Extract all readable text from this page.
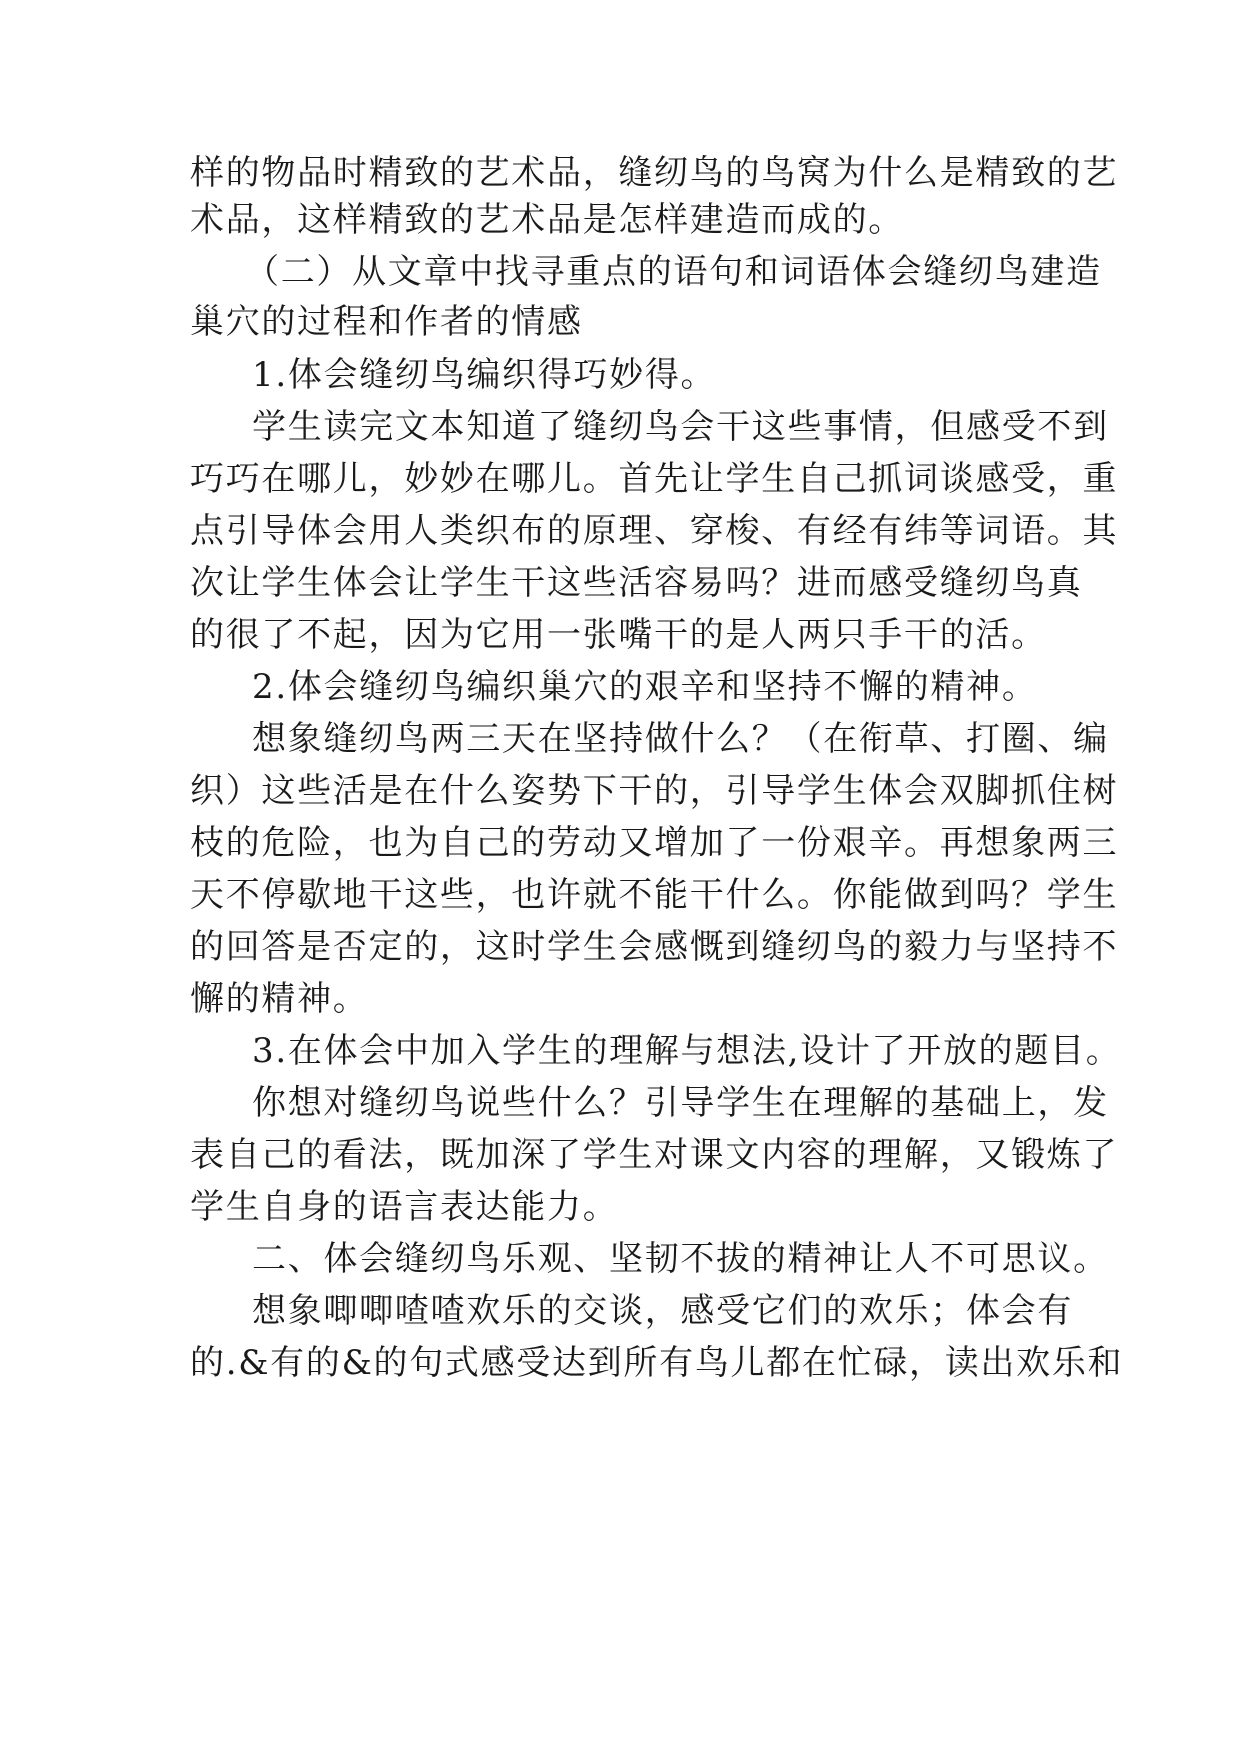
样的物品时精致的艺术品，缝纫鸟的鸟窝为什么是精致的艺
术品，这样精致的艺术品是怎样建造而成的。
（二）从文章中找寻重点的语句和词语体会缝纫鸟建造
巢穴的过程和作者的情感
1.体会缝纫鸟编织得巧妙得。
学生读完文本知道了缝纫鸟会干这些事情，但感受不到
巧巧在哪儿，妙妙在哪儿。首先让学生自己抓词谈感受，重
点引导体会用人类织布的原理、穿梭、有经有纬等词语。其
次让学生体会让学生干这些活容易吗？进而感受缝纫鸟真
的很了不起，因为它用一张嘴干的是人两只手干的活。
2.体会缝纫鸟编织巢穴的艰辛和坚持不懈的精神。
想象缝纫鸟两三天在坚持做什么？（在衔草、打圈、编
织）这些活是在什么姿势下干的，引导学生体会双脚抓住树
枝的危险，也为自己的劳动又增加了一份艰辛。再想象两三
天不停歇地干这些，也许就不能干什么。你能做到吗？学生
的回答是否定的，这时学生会感慨到缝纫鸟的毅力与坚持不
懈的精神。
3.在体会中加入学生的理解与想法,设计了开放的题目。
你想对缝纫鸟说些什么？引导学生在理解的基础上，发
表自己的看法，既加深了学生对课文内容的理解，又锻炼了
学生自身的语言表达能力。
二、体会缝纫鸟乐观、坚韧不拔的精神让人不可思议。
想象唧唧喳喳欢乐的交谈，感受它们的欢乐；体会有
的.&有的&的句式感受达到所有鸟儿都在忙碌，读出欢乐和
